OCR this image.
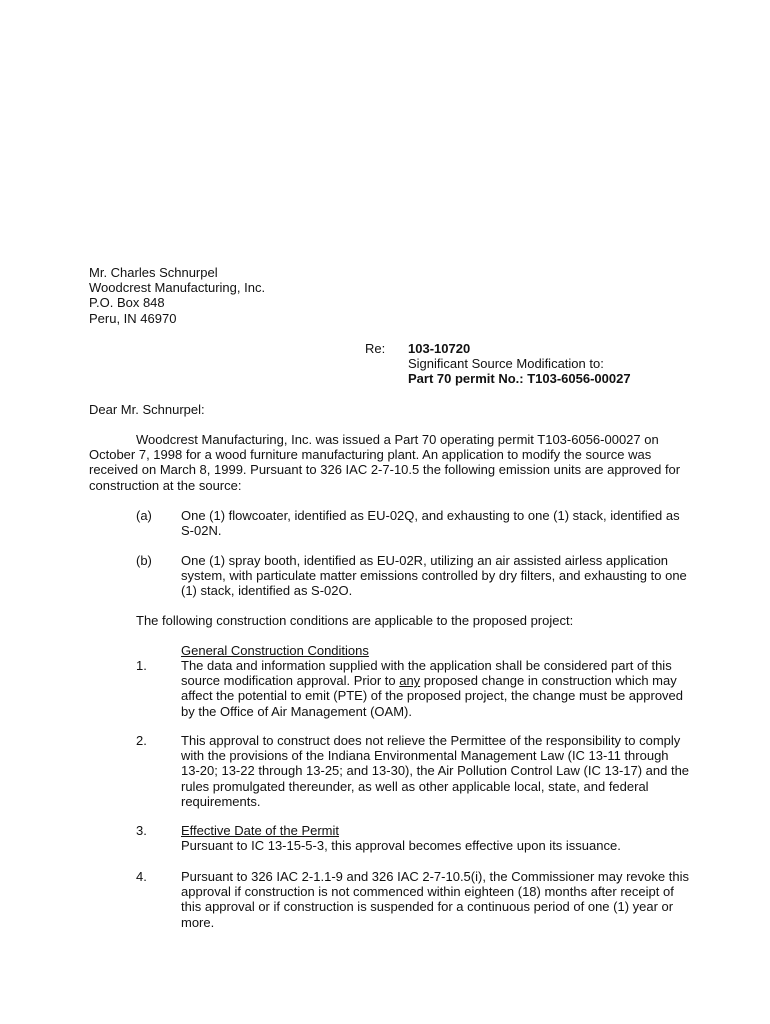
Mr. Charles Schnurpel
Woodcrest Manufacturing, Inc.
P.O. Box 848
Peru, IN 46970
Re: 103-10720
Significant Source Modification to:
Part 70 permit No.: T103-6056-00027
Dear Mr. Schnurpel:
Woodcrest Manufacturing, Inc. was issued a Part 70 operating permit T103-6056-00027 on
October 7, 1998 for a wood furniture manufacturing plant. An application to modify the source was
received on March 8, 1999. Pursuant to 326 IAC 2-7-10.5 the following emission units are approved for
construction at the source:
(a) One (1) flowcoater, identified as EU-02Q, and exhausting to one (1) stack, identified as
S-02N.
(b) One (1) spray booth, identified as EU-02R, utilizing an air assisted airless application
system, with particulate matter emissions controlled by dry filters, and exhausting to one
(1) stack, identified as S-02O.
The following construction conditions are applicable to the proposed project:
General Construction Conditions
1.	The data and information supplied with the application shall be considered part of this
source modification approval. Prior to any proposed change in construction which may
affect the potential to emit (PTE) of the proposed project, the change must be approved
by the Office of Air Management (OAM).
2.	This approval to construct does not relieve the Permittee of the responsibility to comply
with the provisions of the Indiana Environmental Management Law (IC 13-11 through
13-20; 13-22 through 13-25; and 13-30), the Air Pollution Control Law (IC 13-17) and the
rules promulgated thereunder, as well as other applicable local, state, and federal
requirements.
3.	Effective Date of the Permit
Pursuant to IC 13-15-5-3, this approval becomes effective upon its issuance.
4.	Pursuant to 326 IAC 2-1.1-9 and 326 IAC 2-7-10.5(i), the Commissioner may revoke this
approval if construction is not commenced within eighteen (18) months after receipt of
this approval or if construction is suspended for a continuous period of one (1) year or
more.
